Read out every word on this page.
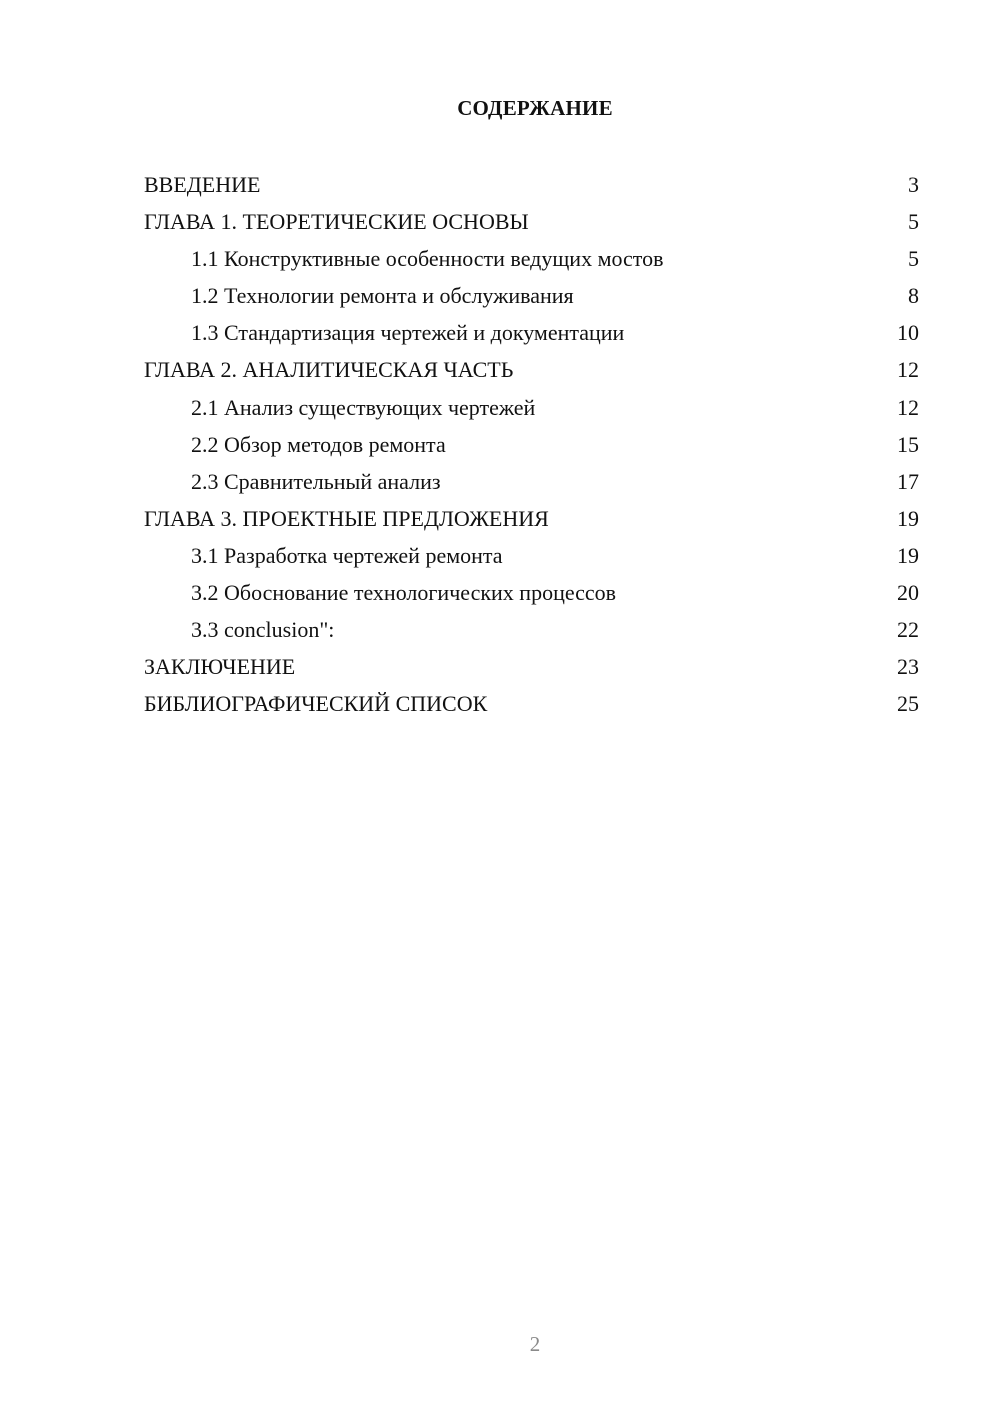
СОДЕРЖАНИЕ
ВВЕДЕНИЕ	3
ГЛАВА 1. ТЕОРЕТИЧЕСКИЕ ОСНОВЫ	5
1.1 Конструктивные особенности ведущих мостов	5
1.2 Технологии ремонта и обслуживания	8
1.3 Стандартизация чертежей и документации	10
ГЛАВА 2. АНАЛИТИЧЕСКАЯ ЧАСТЬ	12
2.1 Анализ существующих чертежей	12
2.2 Обзор методов ремонта	15
2.3 Сравнительный анализ	17
ГЛАВА 3. ПРОЕКТНЫЕ ПРЕДЛОЖЕНИЯ	19
3.1 Разработка чертежей ремонта	19
3.2 Обоснование технологических процессов	20
3.3 conclusion":	22
ЗАКЛЮЧЕНИЕ	23
БИБЛИОГРАФИЧЕСКИЙ СПИСОК	25
2
